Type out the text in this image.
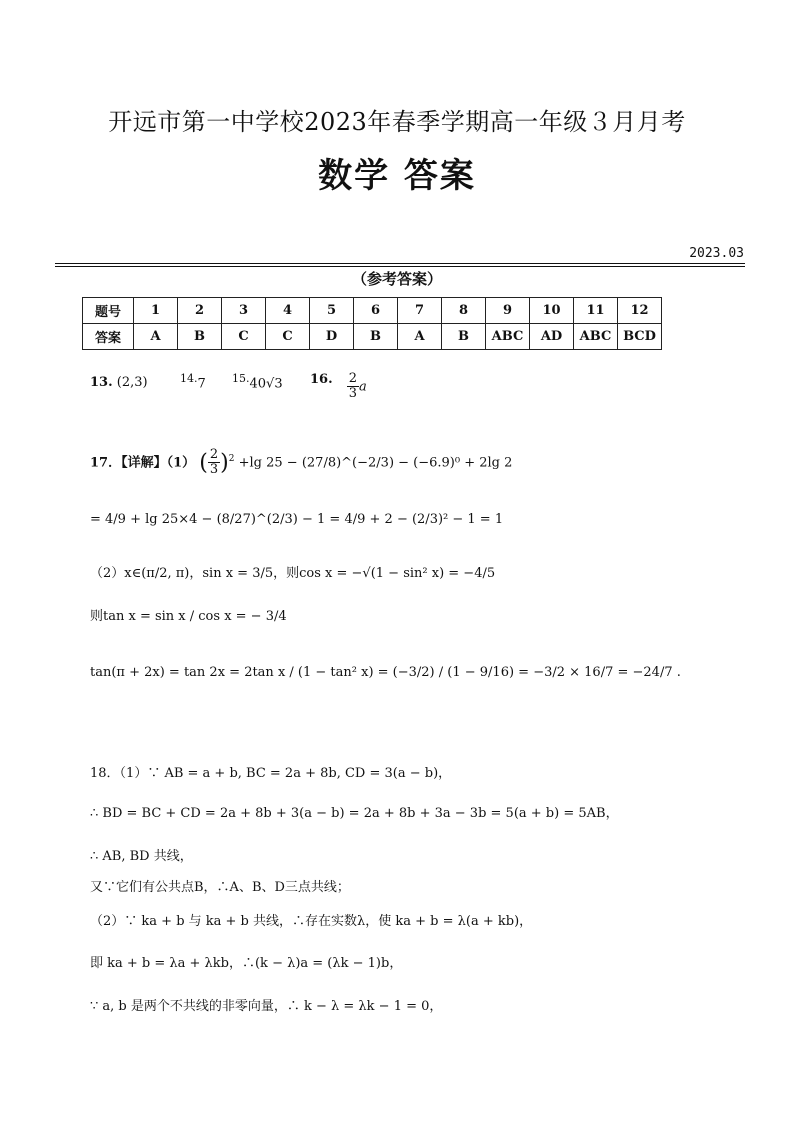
开远市第一中学校2023年春季学期高一年级３月月考
数学 答案
2023.03
（参考答案）
题号	1	2	3	4	5	6	7	8	9	10	11	12
答案	A	B	C	C	D	B	A	B	ABC	AD	ABC	BCD
13. (2,3)	$^{14.}$7 $^{15.}$40√3 16. $\frac{2}{3}$ a
17．【详解】（1） ( $\frac{2}{3} )^2 +\lg$ 25 − (27/8)^(−2/3) − (−6.9)⁰ + 2lg 2
= 4/9 + lg 25×4 − (8/27)^(2/3) − 1 = 4/9 + 2 − (2/3)² − 1 = 1
（2）x∈(π/2, π)，sin x = 3/5，则cos x = −√(1 − sin² x) = −4/5
则tan x = sin x / cos x = − 3/4
tan(π + 2x) = tan 2x = 2tan x / (1 − tan² x) = (−3/2) / (1 − 9/16) = −3/2 × 16/7 = −24/7 .
18．（1）∵ AB = a + b, BC = 2a + 8b, CD = 3(a − b)，
∴ BD = BC + CD = 2a + 8b + 3(a − b) = 2a + 8b + 3a − 3b = 5(a + b) = 5AB，
∴ AB, BD 共线，
又∵它们有公共点B，∴A、B、D三点共线；
（2）∵ ka + b 与 ka + b 共线，∴存在实数λ，使 ka + b = λ(a + kb)，
即 ka + b = λa + λkb，∴(k − λ)a = (λk − 1)b，
∵ a, b 是两个不共线的非零向量，∴ k − λ = λk − 1 = 0，
